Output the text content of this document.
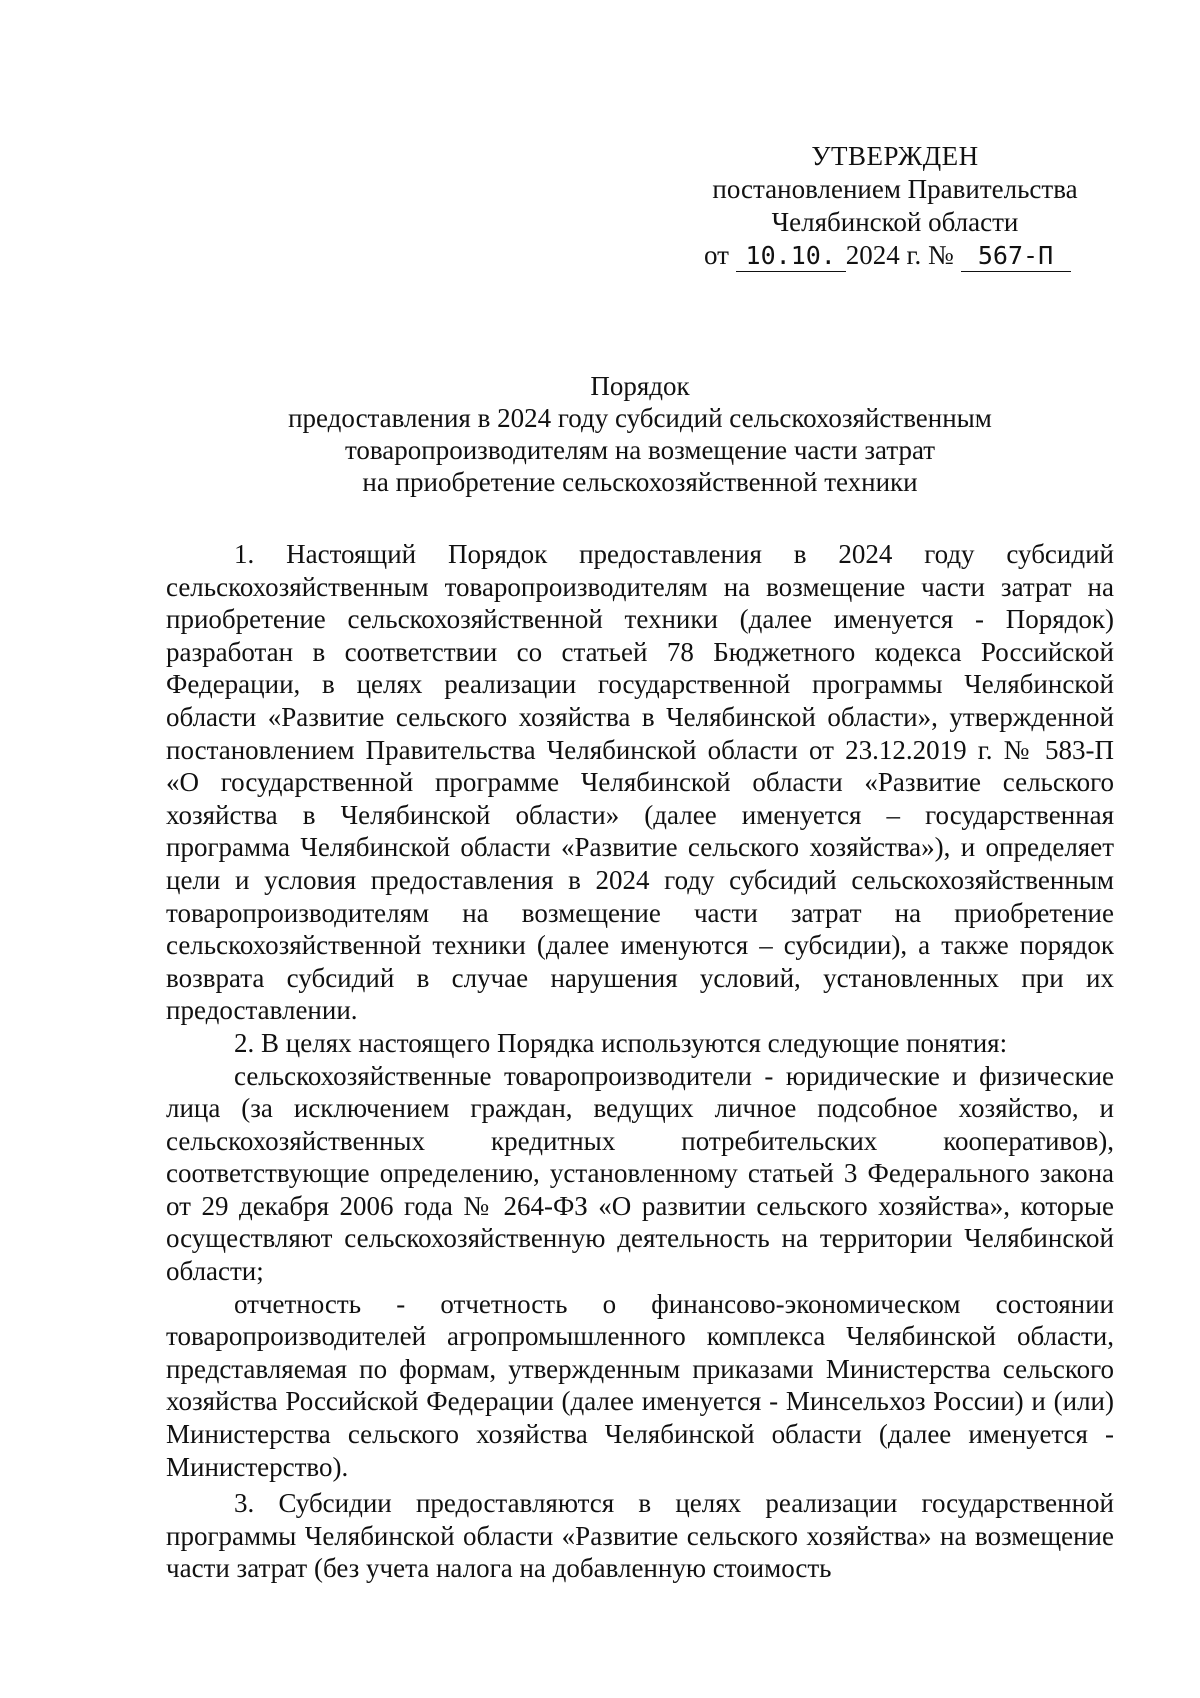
УТВЕРЖДЕН
постановлением Правительства
Челябинской области
от 10.10. 2024 г. № 567-П
Порядок
предоставления в 2024 году субсидий сельскохозяйственным
товаропроизводителям на возмещение части затрат
на приобретение сельскохозяйственной техники

1. Настоящий Порядок предоставления в 2024 году субсидий сельскохозяйственным товаропроизводителям на возмещение части затрат на приобретение сельскохозяйственной техники (далее именуется - Порядок) разработан в соответствии со статьей 78 Бюджетного кодекса Российской Федерации, в целях реализации государственной программы Челябинской области «Развитие сельского хозяйства в Челябинской области», утвержденной постановлением Правительства Челябинской области от 23.12.2019 г. № 583-П «О государственной программе Челябинской области «Развитие сельского хозяйства в Челябинской области» (далее именуется – государственная программа Челябинской области «Развитие сельского хозяйства»), и определяет цели и условия предоставления в 2024 году субсидий сельскохозяйственным товаропроизводителям на возмещение части затрат на приобретение сельскохозяйственной техники (далее именуются – субсидии), а также порядок возврата субсидий в случае нарушения условий, установленных при их предоставлении.

2. В целях настоящего Порядка используются следующие понятия:

сельскохозяйственные товаропроизводители - юридические и физические лица (за исключением граждан, ведущих личное подсобное хозяйство, и сельскохозяйственных кредитных потребительских кооперативов), соответствующие определению, установленному статьей 3 Федерального закона от 29 декабря 2006 года № 264-ФЗ «О развитии сельского хозяйства», которые осуществляют сельскохозяйственную деятельность на территории Челябинской области;

отчетность - отчетность о финансово-экономическом состоянии товаропроизводителей агропромышленного комплекса Челябинской области, представляемая по формам, утвержденным приказами Министерства сельского хозяйства Российской Федерации (далее именуется - Минсельхоз России) и (или) Министерства сельского хозяйства Челябинской области (далее именуется - Министерство).

3. Субсидии предоставляются в целях реализации государственной программы Челябинской области «Развитие сельского хозяйства» на возмещение части затрат (без учета налога на добавленную стоимость
